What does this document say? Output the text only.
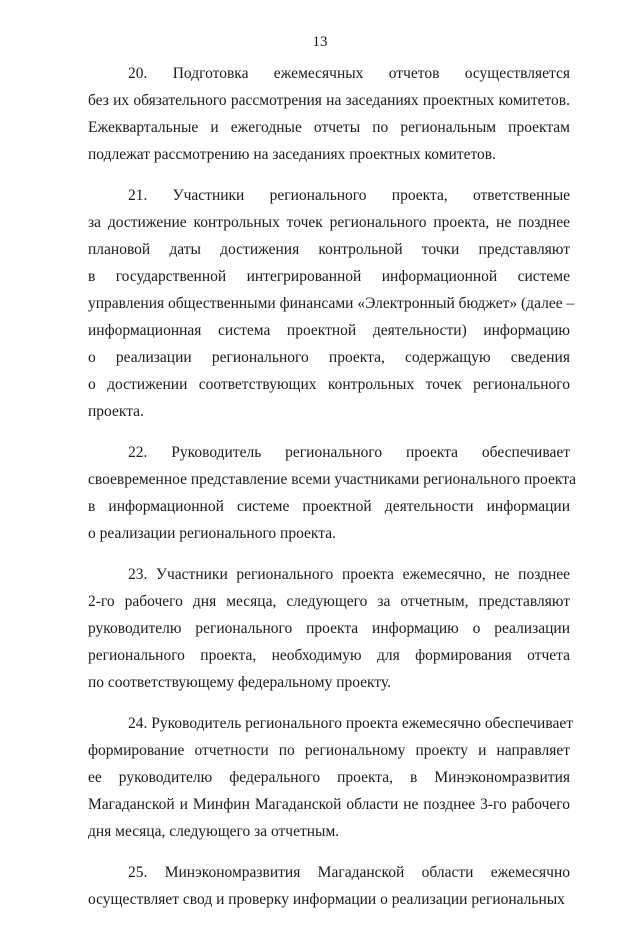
13
20. Подготовка ежемесячных отчетов осуществляется
без их обязательного рассмотрения на заседаниях проектных комитетов.
Ежеквартальные и ежегодные отчеты по региональным проектам
подлежат рассмотрению на заседаниях проектных комитетов.
21. Участники регионального проекта, ответственные
за достижение контрольных точек регионального проекта, не позднее
плановой даты достижения контрольной точки представляют
в государственной интегрированной информационной системе
управления общественными финансами «Электронный бюджет» (далее –
информационная система проектной деятельности) информацию
о реализации регионального проекта, содержащую сведения
о достижении соответствующих контрольных точек регионального
проекта.
22. Руководитель регионального проекта обеспечивает
своевременное представление всеми участниками регионального проекта
в информационной системе проектной деятельности информации
о реализации регионального проекта.
23. Участники регионального проекта ежемесячно, не позднее
2-го рабочего дня месяца, следующего за отчетным, представляют
руководителю регионального проекта информацию о реализации
регионального проекта, необходимую для формирования отчета
по соответствующему федеральному проекту.
24. Руководитель регионального проекта ежемесячно обеспечивает
формирование отчетности по региональному проекту и направляет
ее руководителю федерального проекта, в Минэкономразвития
Магаданской и Минфин Магаданской области не позднее 3-го рабочего
дня месяца, следующего за отчетным.
25. Минэкономразвития Магаданской области ежемесячно
осуществляет свод и проверку информации о реализации региональных
